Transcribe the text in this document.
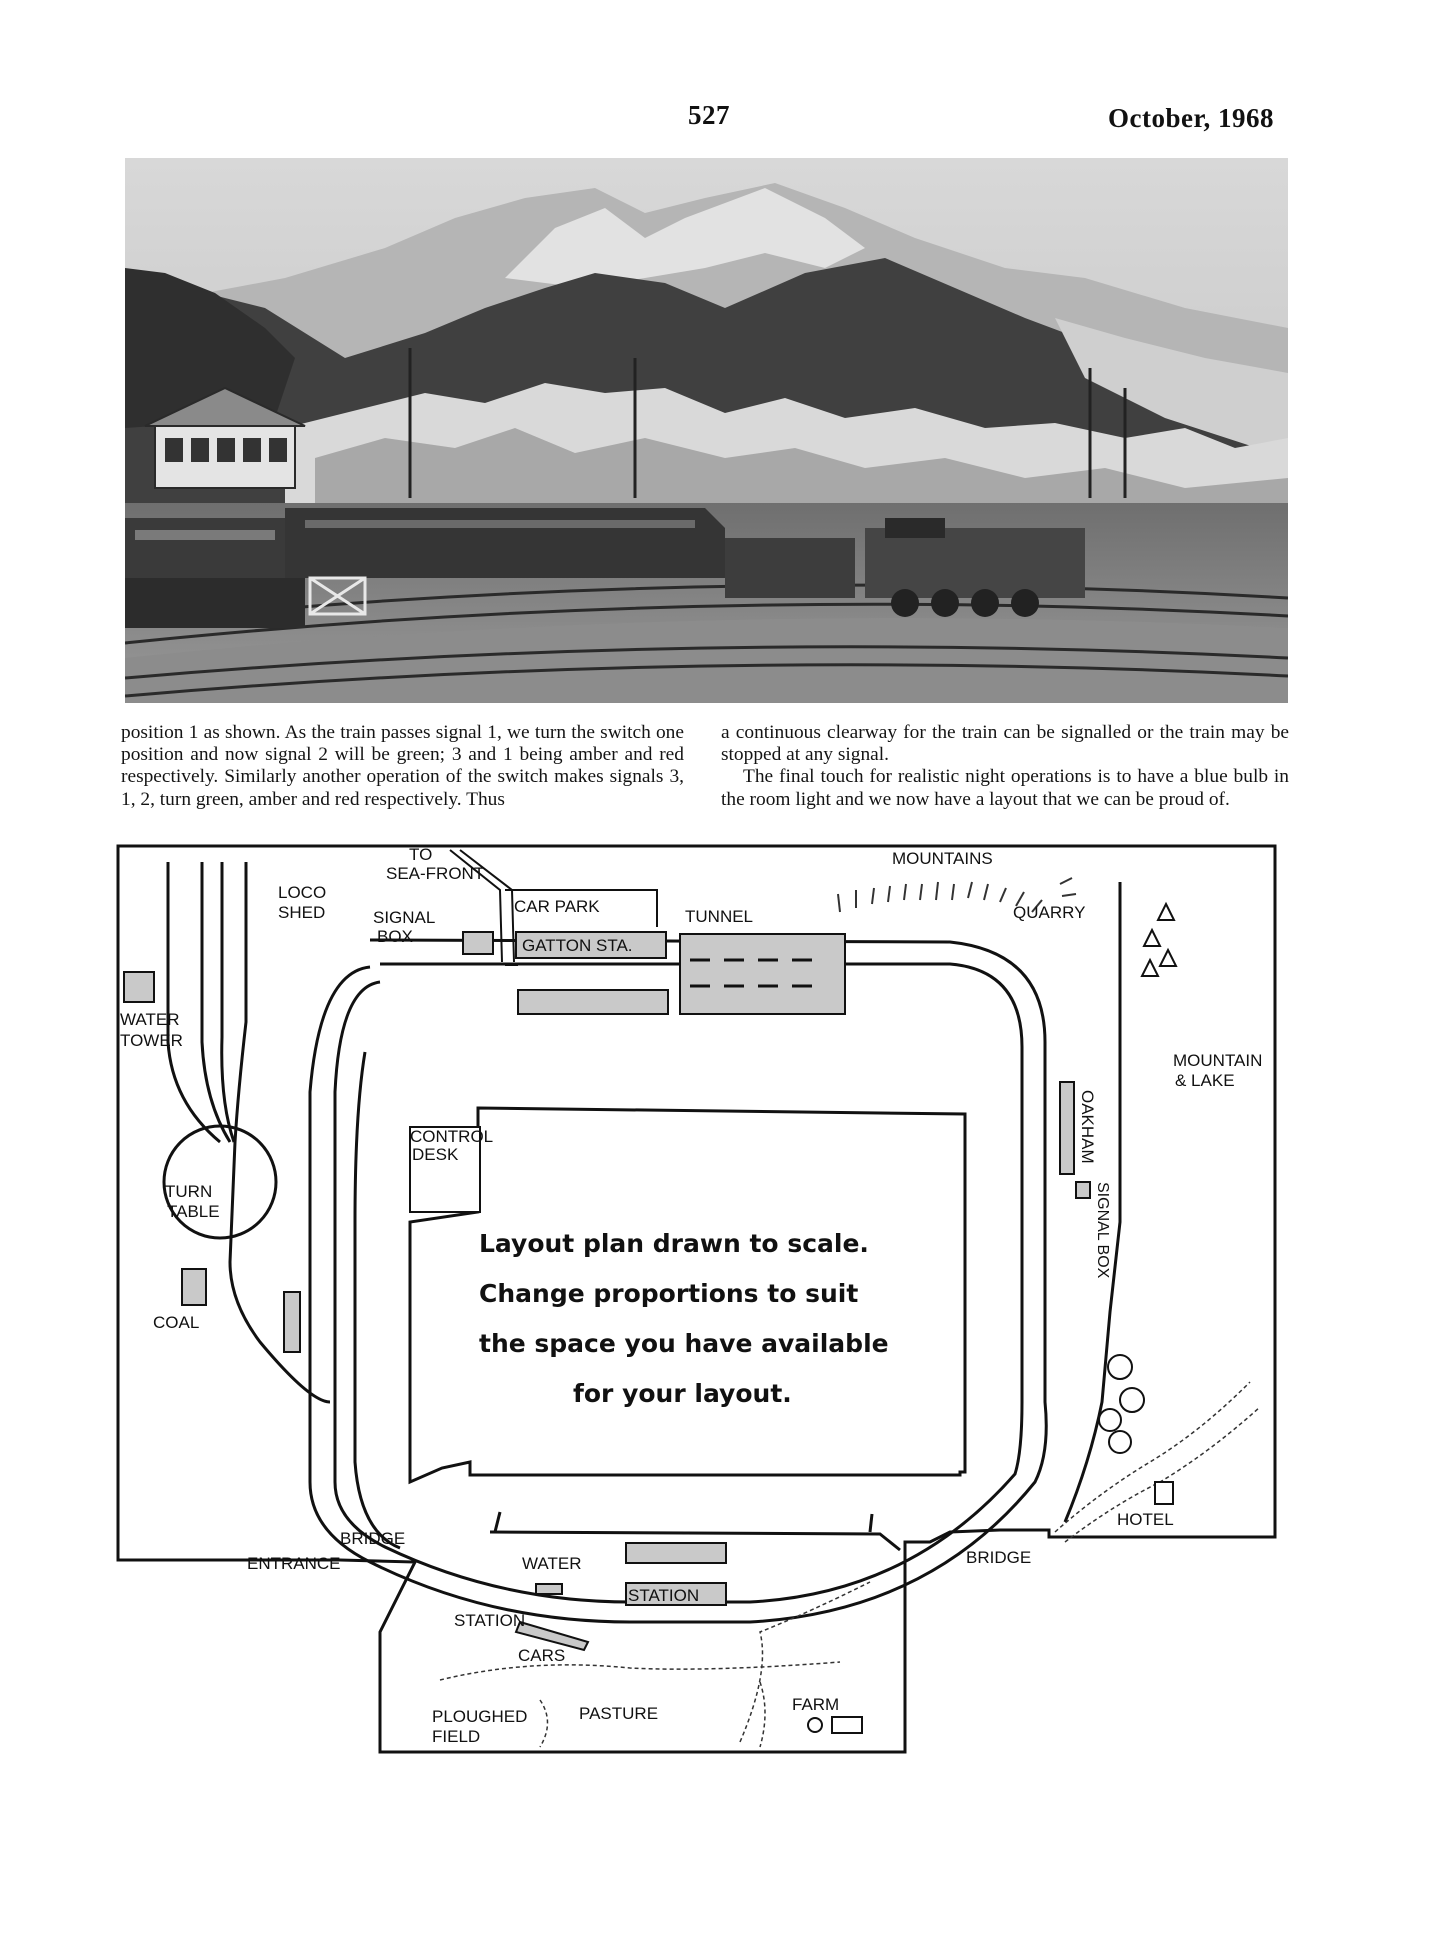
527	October, 1968

position 1 as shown. As the train passes signal 1, we turn the switch one position and now signal 2 will be green; 3 and 1 being amber and red respectively. Similarly another operation of the switch makes signals 3, 1, 2, turn green, amber and red respectively. Thus

a continuous clearway for the train can be signalled or the train may be stopped at any signal.

The final touch for realistic night operations is to have a blue bulb in the room light and we now have a layout that we can be proud of.

TO
SEA-FRONT
LOCO
SHED	SIGNAL
BOX
CAR PARK
GATTON STA.
TUNNEL
MOUNTAINS
QUARRY
WATER
TOWER
MOUNTAIN
& LAKE
CONTROL
DESK	OAKHAM
SIGNAL BOX
TURN
TABLE
COAL
HOTEL
BRIDGE
BRIDGE
ENTRANCE	WATER
STATION
STATION
CARS
PLOUGHED
FIELD
PASTURE	FARM
Layout plan drawn to scale.
Change proportions to suit
the space you have available
for your layout.
